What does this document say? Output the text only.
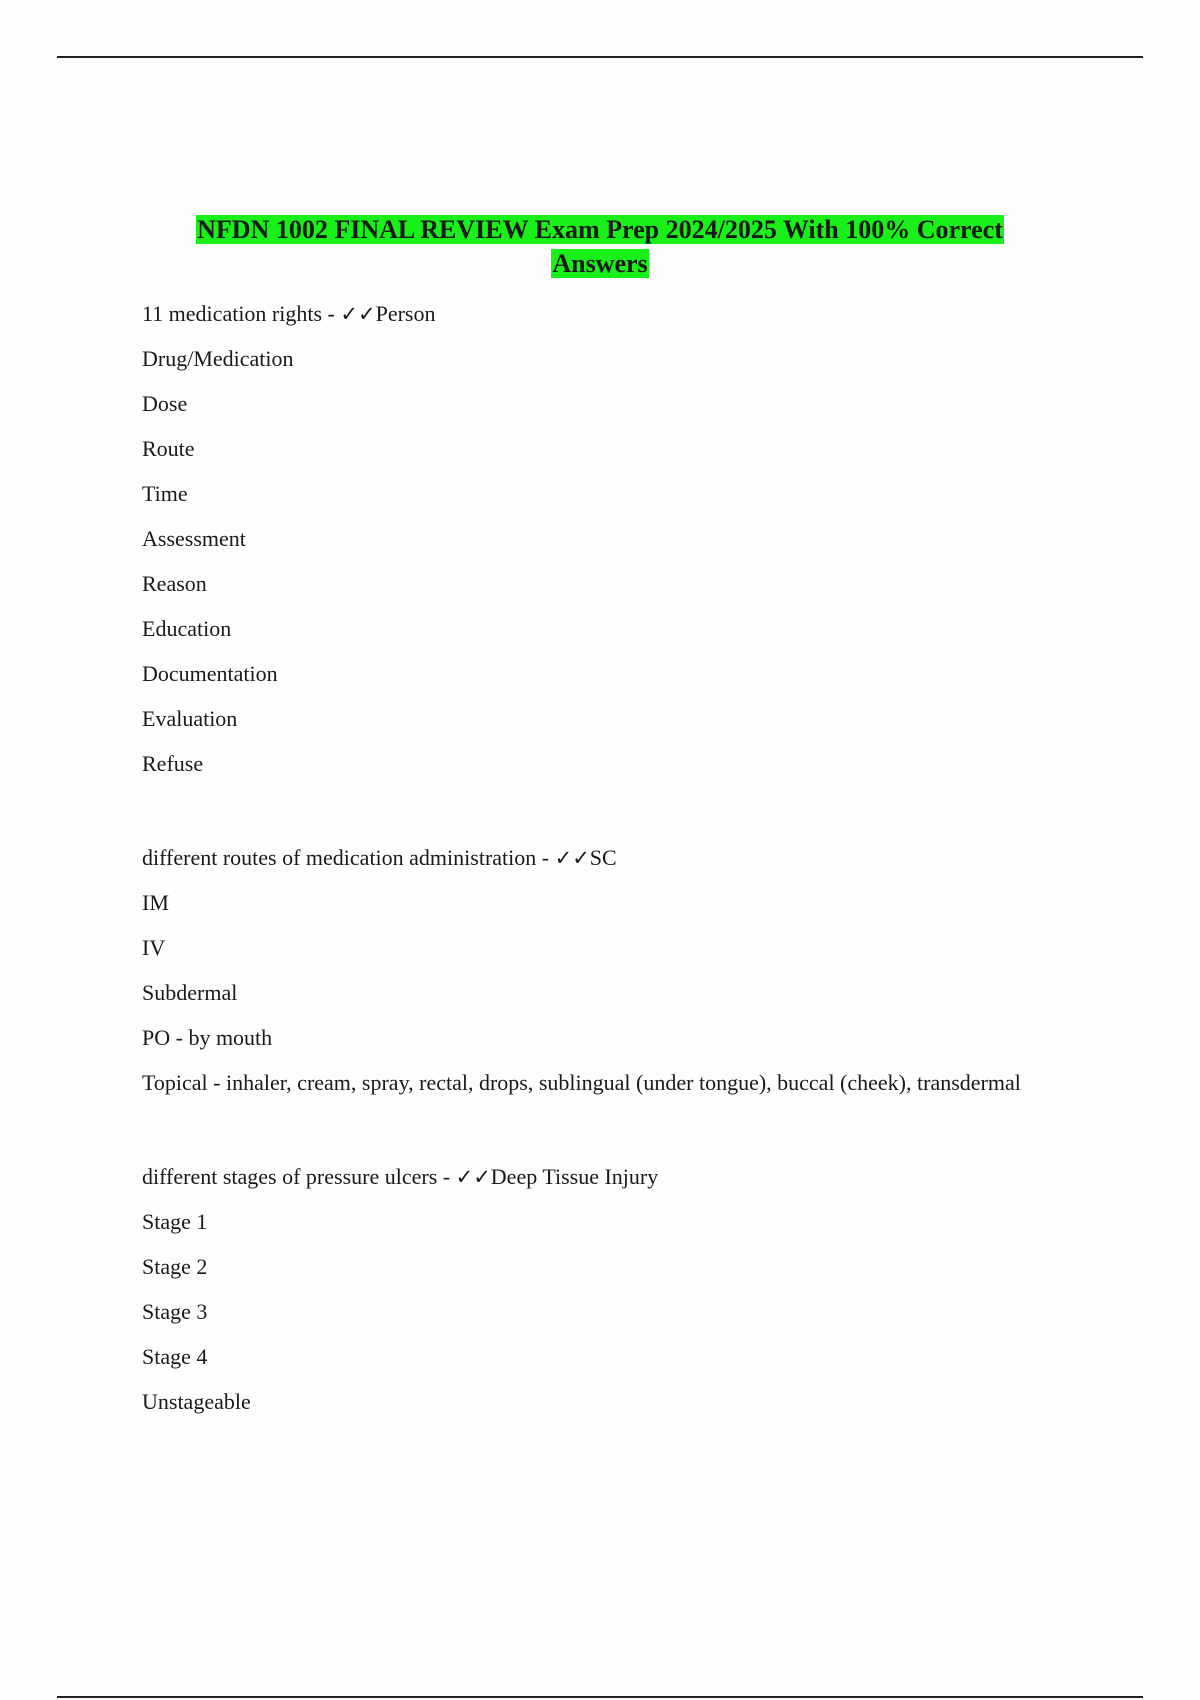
NFDN 1002 FINAL REVIEW Exam Prep 2024/2025 With 100% Correct
Answers

11 medication rights - ✓✓Person

Drug/Medication

Dose

Route

Time

Assessment

Reason

Education

Documentation

Evaluation

Refuse

different routes of medication administration - ✓✓SC

IM

IV

Subdermal

PO - by mouth

Topical - inhaler, cream, spray, rectal, drops, sublingual (under tongue), buccal (cheek), transdermal

different stages of pressure ulcers - ✓✓Deep Tissue Injury

Stage 1

Stage 2

Stage 3

Stage 4

Unstageable
